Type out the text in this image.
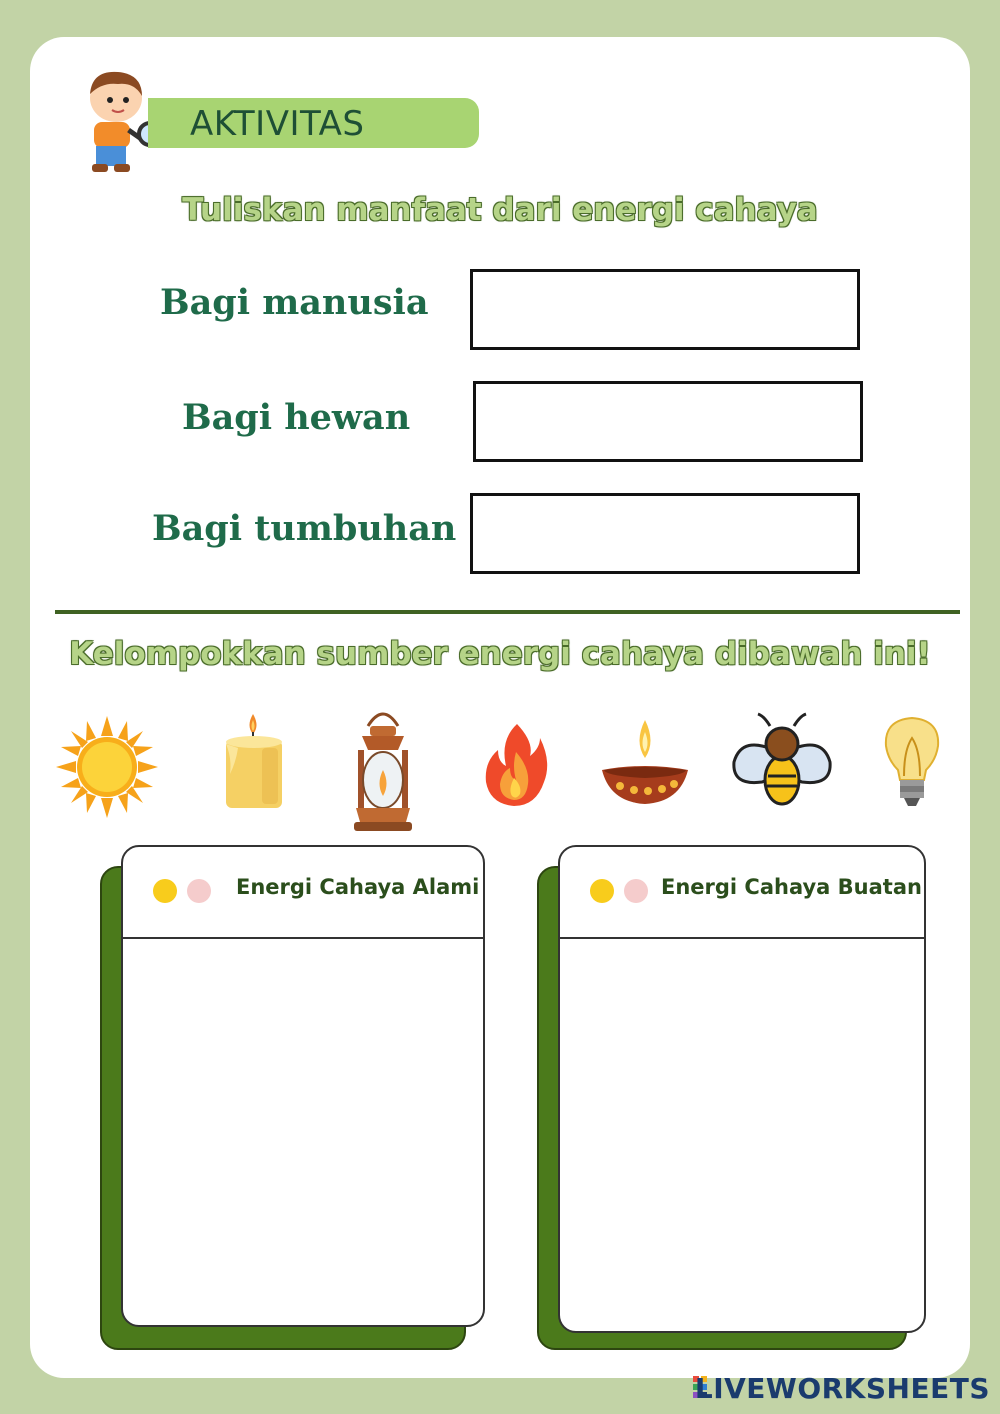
AKTIVITAS
Tuliskan manfaat dari energi cahaya
Bagi manusia
Bagi hewan
Bagi tumbuhan
Kelompokkan sumber energi cahaya dibawah ini!
Energi Cahaya Alami	Energi Cahaya Buatan
LIVEWORKSHEETS
